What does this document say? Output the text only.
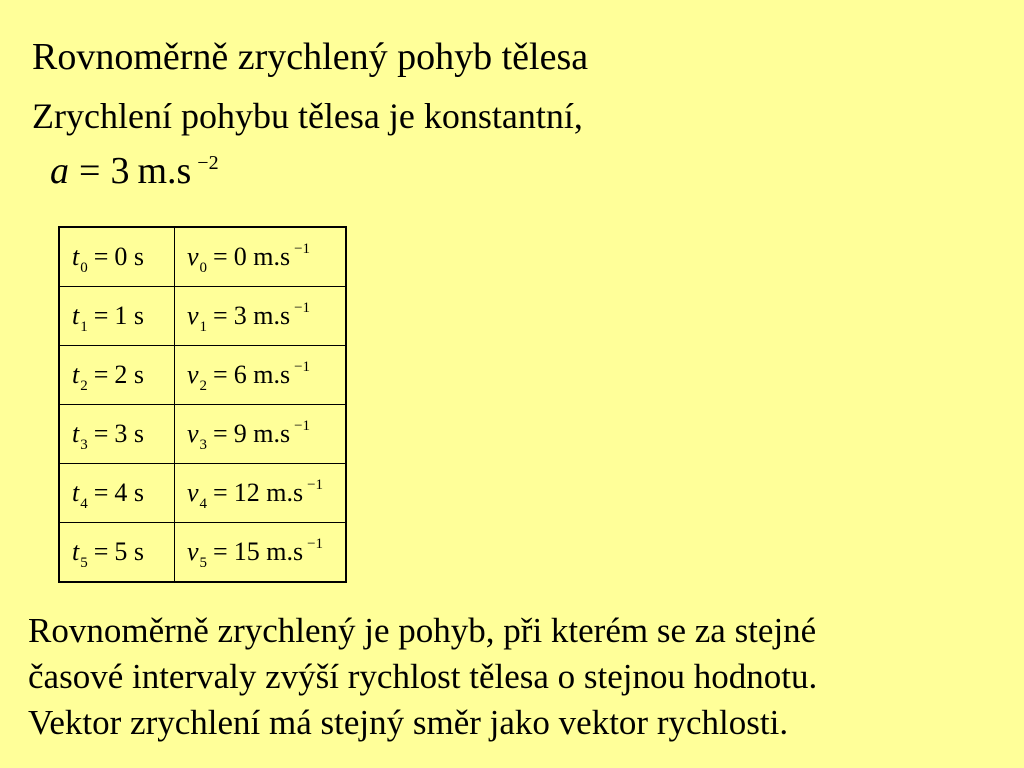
Rovnoměrně zrychlený pohyb tělesa
Zrychlení pohybu tělesa je konstantní,
a = 3 m.s $^{-2}$
$t_0 = 0$ s	$v_0 = 0$ m.s $^{-1}$
$t_1 = 1$ s	$v_1 = 3$ m.s $^{-1}$
$t_2 = 2$ s	$v_2 = 6$ m.s $^{-1}$
$t_3 = 3$ s	$v_3 = 9$ m.s $^{-1}$
$t_4 = 4$ s	$v_4 = 12$ m.s $^{-1}$
$t_5 = 5$ s	$v_5 = 15$ m.s $^{-1}$
Rovnoměrně zrychlený je pohyb, při kterém se za stejné
časové intervaly zvýší rychlost tělesa o stejnou hodnotu.
Vektor zrychlení má stejný směr jako vektor rychlosti.
